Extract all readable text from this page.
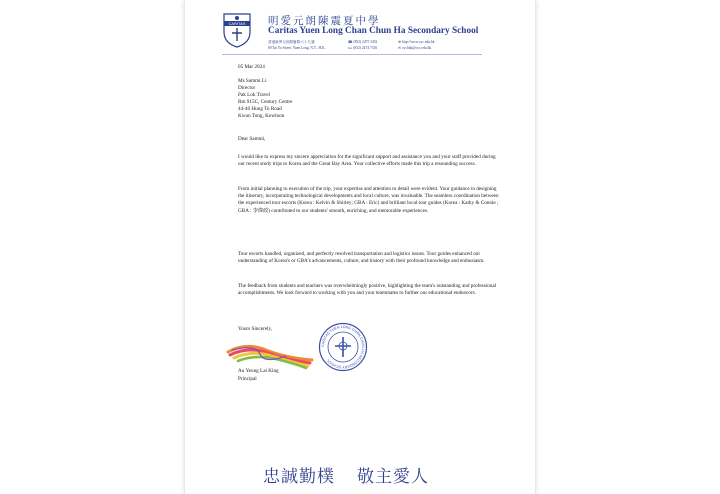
CARITAS 明愛元朗陳震夏中學
Caritas Yuen Long Chan Chun Ha Secondary School
香港新界元朗屏廈路六十九號
69 Tai Yo Street, Yuen Long, N.T., H.K.
☎ (852) 2475 3452
℻ (852) 2474 7316
⊕ http://www.cyc.edu.hk
✉ cychhk@cyc.edu.hk
05 Mar 2024
Ms Sammi Li
Director
Pak Lok Travel
Rm 915C, Century Centre
44-46 Hung To Road
Kwun Tong, Kowloon
Dear Sammi,
I would like to express my sincere appreciation for the significant support and assistance you and your staff provided during our recent study trips to Korea and the Great Bay Area. Your collective efforts made this trip a resounding success.
From initial planning to execution of the trip, your expertise and attention to detail were evident. Your guidance in designing the itinerary, incorporating technological developments and local culture, was invaluable. The seamless coordination between the experienced tour escorts (Korea : Kelvin & Shirley; GBA : Eric) and brilliant local tour guides (Korea : Kathy & Connie ; GBA : 李偉政) contributed to our students' smooth, enriching, and memorable experiences.
Tour escorts handled, organized, and perfectly resolved transportation and logistics issues. Tour guides enhanced our understanding of Korea's or GBA's advancements, culture, and history with their profound knowledge and enthusiasm.
The feedback from students and teachers was overwhelmingly positive, highlighting the team's outstanding and professional accomplishments. We look forward to working with you and your teammates to further our educational endeavors.
Yours Sincerely,
CARITAS YUEN LONG CHAN CHUN HA SECONDARY SCHOOL
Au Yeung Lai King
Principal
忠誠勤樸 敬主愛人
